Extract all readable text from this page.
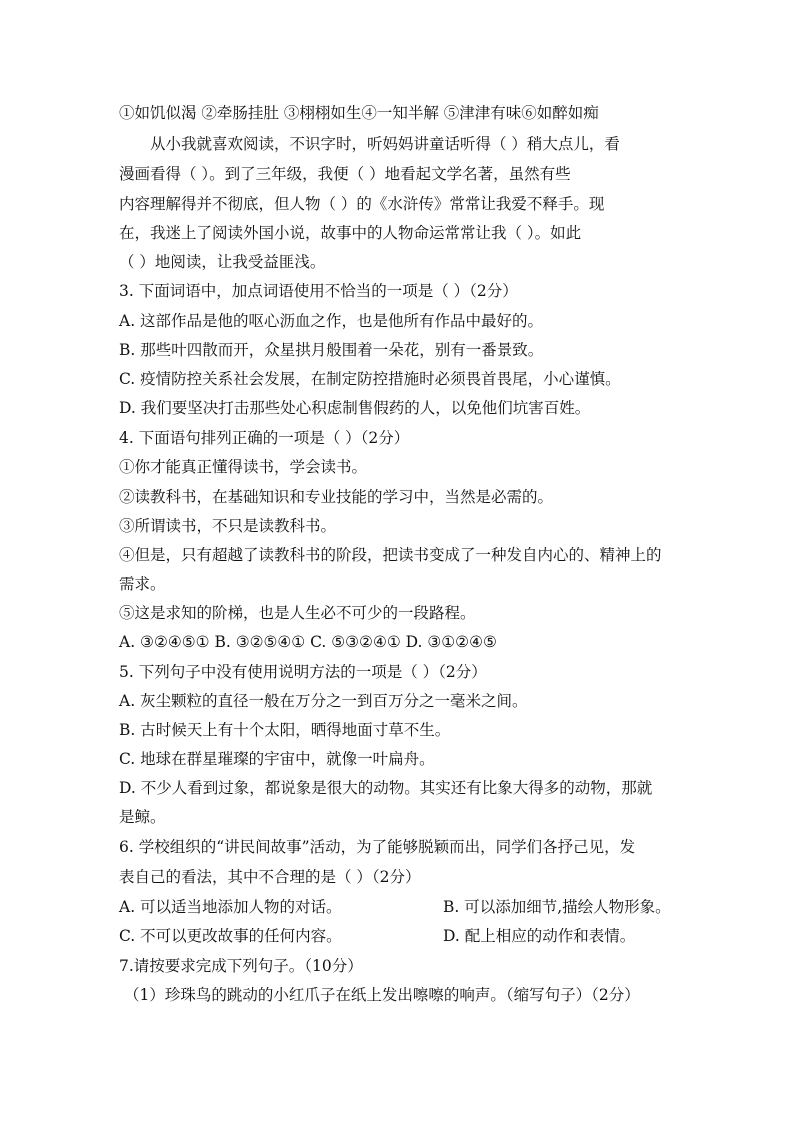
①如饥似渴 ②牵肠挂肚 ③栩栩如生④一知半解 ⑤津津有味⑥如醉如痴
从小我就喜欢阅读，不识字时，听妈妈讲童话听得（ ）稍大点儿，看
漫画看得（ ）。到了三年级，我便（ ）地看起文学名著，虽然有些
内容理解得并不彻底，但人物（ ）的《水浒传》常常让我爱不释手。现
在，我迷上了阅读外国小说，故事中的人物命运常常让我（ ）。如此
（ ）地阅读，让我受益匪浅。
3. 下面词语中，加点词语使用不恰当的一项是（ ）（2分）
A. 这部作品是他的呕心沥血之作，也是他所有作品中最好的。
B. 那些叶四散而开，众星拱月般围着一朵花，别有一番景致。
C. 疫情防控关系社会发展，在制定防控措施时必须畏首畏尾，小心谨慎。
D. 我们要坚决打击那些处心积虑制售假药的人，以免他们坑害百姓。
4. 下面语句排列正确的一项是（ ）（2分）
①你才能真正懂得读书，学会读书。
②读教科书，在基础知识和专业技能的学习中，当然是必需的。
③所谓读书，不只是读教科书。
④但是，只有超越了读教科书的阶段，把读书变成了一种发自内心的、精神上的
需求。
⑤这是求知的阶梯，也是人生必不可少的一段路程。
A. ③②④⑤① B. ③②⑤④① C. ⑤③②④① D. ③①②④⑤
5. 下列句子中没有使用说明方法的一项是（ ）（2分）
A. 灰尘颗粒的直径一般在万分之一到百万分之一毫米之间。
B. 古时候天上有十个太阳，晒得地面寸草不生。
C. 地球在群星璀璨的宇宙中，就像一叶扁舟。
D. 不少人看到过象，都说象是很大的动物。其实还有比象大得多的动物，那就
是鲸。
6. 学校组织的“讲民间故事”活动，为了能够脱颖而出，同学们各抒己见，发
表自己的看法，其中不合理的是（ ）（2分）
A. 可以适当地添加人物的对话。	B. 可以添加细节,描绘人物形象。
C. 不可以更改故事的任何内容。	D. 配上相应的动作和表情。
7.请按要求完成下列句子。（10分）
（1）珍珠鸟的跳动的小红爪子在纸上发出嚓嚓的响声。（缩写句子）（2分）
